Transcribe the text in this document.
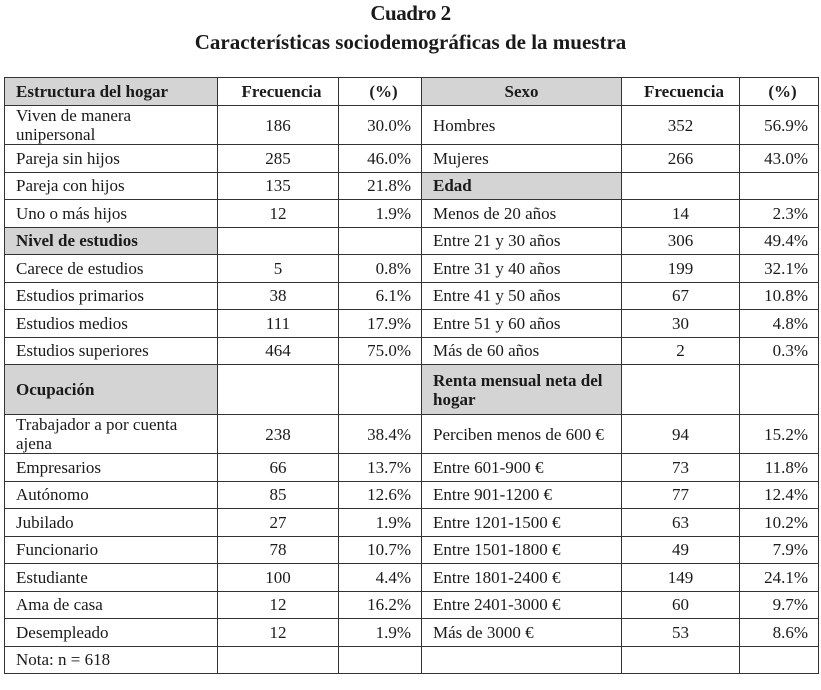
Cuadro 2
Características sociodemográficas de la muestra
Estructura del hogar	Frecuencia	(%)	Sexo	Frecuencia	(%)
Viven de manera unipersonal	186	30.0%	Hombres	352	56.9%
Pareja sin hijos	285	46.0%	Mujeres	266	43.0%
Pareja con hijos	135	21.8%	Edad		
Uno o más hijos	12	1.9%	Menos de 20 años	14	2.3%
Nivel de estudios			Entre 21 y 30 años	306	49.4%
Carece de estudios	5	0.8%	Entre 31 y 40 años	199	32.1%
Estudios primarios	38	6.1%	Entre 41 y 50 años	67	10.8%
Estudios medios	111	17.9%	Entre 51 y 60 años	30	4.8%
Estudios superiores	464	75.0%	Más de 60 años	2	0.3%
Ocupación			Renta mensual neta del hogar		
Trabajador a por cuenta ajena	238	38.4%	Perciben menos de 600 €	94	15.2%
Empresarios	66	13.7%	Entre 601-900 €	73	11.8%
Autónomo	85	12.6%	Entre 901-1200 €	77	12.4%
Jubilado	27	1.9%	Entre 1201-1500 €	63	10.2%
Funcionario	78	10.7%	Entre 1501-1800 €	49	7.9%
Estudiante	100	4.4%	Entre 1801-2400 €	149	24.1%
Ama de casa	12	16.2%	Entre 2401-3000 €	60	9.7%
Desempleado	12	1.9%	Más de 3000 €	53	8.6%
Nota: n = 618					
